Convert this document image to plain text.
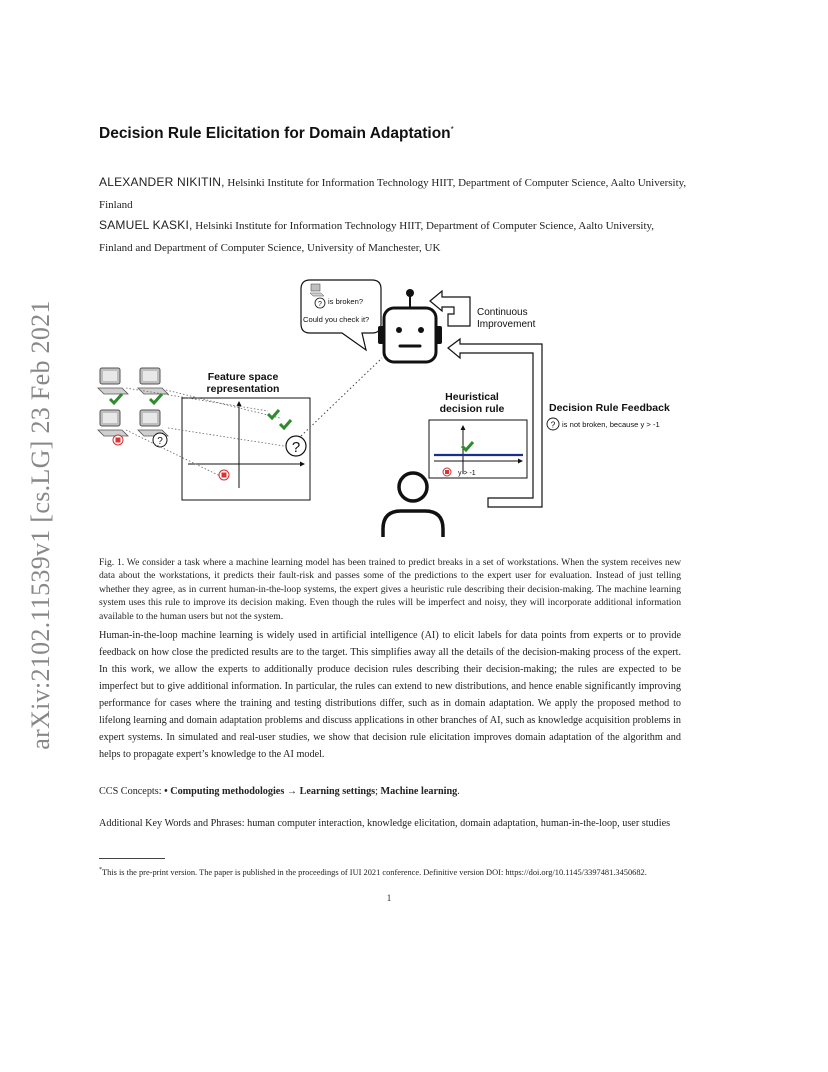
arXiv:2102.11539v1 [cs.LG] 23 Feb 2021
Decision Rule Elicitation for Domain Adaptation*
ALEXANDER NIKITIN, Helsinki Institute for Information Technology HIIT, Department of Computer Science, Aalto University, Finland
SAMUEL KASKI, Helsinki Institute for Information Technology HIIT, Department of Computer Science, Aalto University, Finland and Department of Computer Science, University of Manchester, UK
?
Feature space
representation
?
? is broken?
Could you check it?
Continuous
Improvement
Heuristical
decision rule
y > -1
Decision Rule Feedback
? is not broken, because y > -1
Fig. 1. We consider a task where a machine learning model has been trained to predict breaks in a set of workstations. When the system receives new data about the workstations, it predicts their fault-risk and passes some of the predictions to the expert user for evaluation. Instead of just telling whether they agree, as in current human-in-the-loop systems, the expert gives a heuristic rule describing their decision-making. The machine learning system uses this rule to improve its decision making. Even though the rules will be imperfect and noisy, they will incorporate additional information available to the human users but not the system.
Human-in-the-loop machine learning is widely used in artificial intelligence (AI) to elicit labels for data points from experts or to provide feedback on how close the predicted results are to the target. This simplifies away all the details of the decision-making process of the expert. In this work, we allow the experts to additionally produce decision rules describing their decision-making; the rules are expected to be imperfect but to give additional information. In particular, the rules can extend to new distributions, and hence enable significantly improving performance for cases where the training and testing distributions differ, such as in domain adaptation. We apply the proposed method to lifelong learning and domain adaptation problems and discuss applications in other branches of AI, such as knowledge acquisition problems in expert systems. In simulated and real-user studies, we show that decision rule elicitation improves domain adaptation of the algorithm and helps to propagate expert’s knowledge to the AI model.
CCS Concepts: • Computing methodologies → Learning settings; Machine learning.
Additional Key Words and Phrases: human computer interaction, knowledge elicitation, domain adaptation, human-in-the-loop, user studies
*This is the pre-print version. The paper is published in the proceedings of IUI 2021 conference. Definitive version DOI: https://doi.org/10.1145/3397481.3450682.
1
